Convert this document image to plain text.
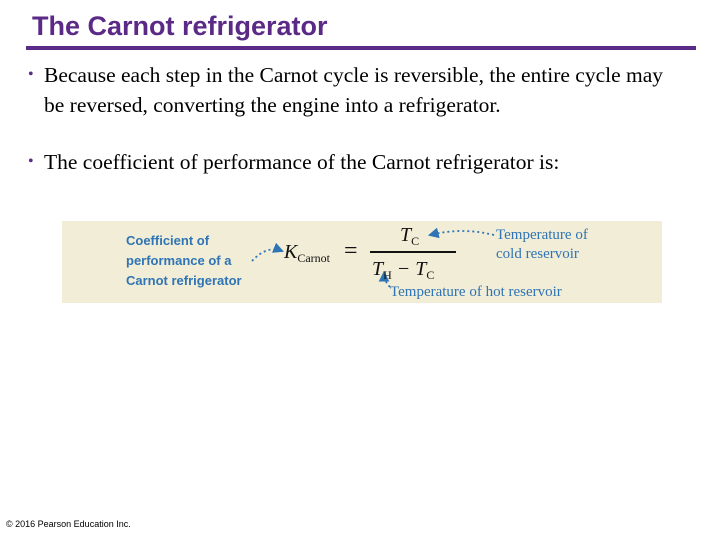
The Carnot refrigerator
• Because each step in the Carnot cycle is reversible, the entire cycle may be reversed, converting the engine into a refrigerator.
• The coefficient of performance of the Carnot refrigerator is:
Coefficient of
performance of a
Carnot refrigerator
$K_{Carnot}$ =
$T_C$
$T_H - T_C$
Temperature of
cold reservoir
Temperature of hot reservoir
© 2016 Pearson Education Inc.
